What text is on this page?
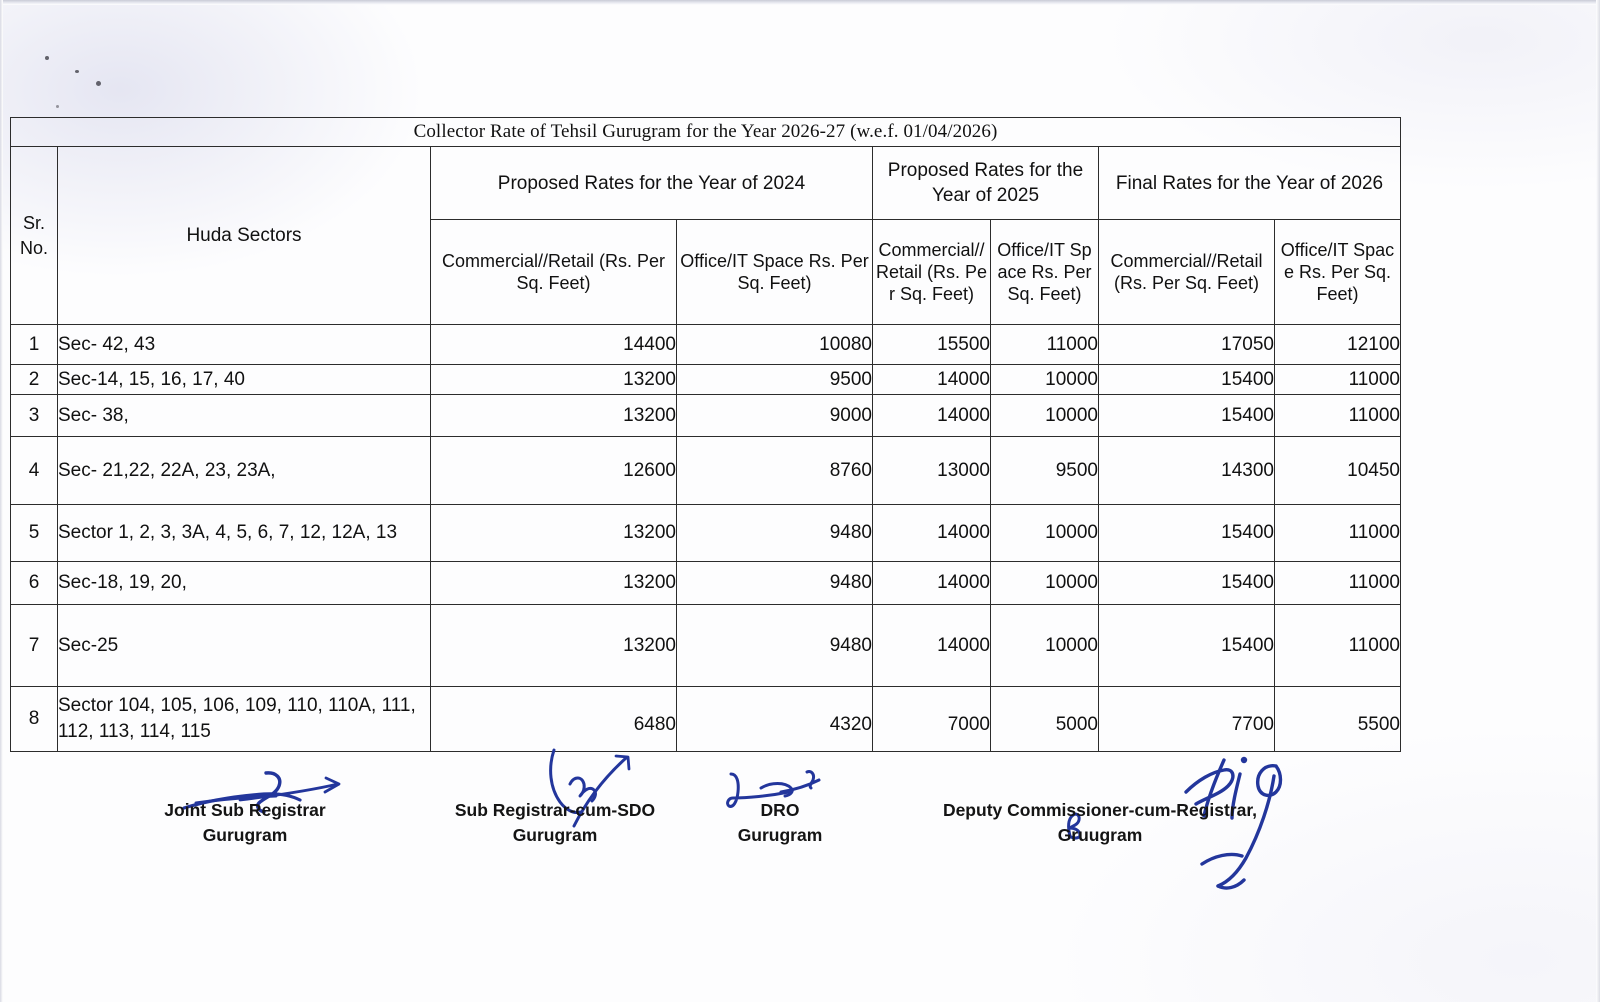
Collector Rate of Tehsil Gurugram for the Year 2026-27 (w.e.f. 01/04/2026)							
Sr. No.	Huda Sectors	Proposed Rates for the Year of 2024		Proposed Rates for the Year of 2025		Final Rates for the Year of 2026	
		Commercial//Retail (Rs. Per Sq. Feet)	Office/IT Space Rs. Per Sq. Feet)	Commercial//Retail (Rs. Per Sq. Feet)	Office/IT Space Rs. Per Sq. Feet)	Commercial//Retail (Rs. Per Sq. Feet)	Office/IT Space Rs. Per Sq. Feet)
1	Sec- 42, 43	14400	10080	15500	11000	17050	12100
2	Sec-14, 15, 16, 17, 40	13200	9500	14000	10000	15400	11000
3	Sec- 38,	13200	9000	14000	10000	15400	11000
4	Sec- 21,22, 22A, 23, 23A,	12600	8760	13000	9500	14300	10450
5	Sector 1, 2, 3, 3A, 4, 5, 6, 7, 12, 12A, 13	13200	9480	14000	10000	15400	11000
6	Sec-18, 19, 20,	13200	9480	14000	10000	15400	11000
7	Sec-25	13200	9480	14000	10000	15400	11000
8	Sector 104, 105, 106, 109, 110, 110A, 111, 112, 113, 114, 115	6480	4320	7000	5000	7700	5500
Joint Sub Registrar
Gurugram
Sub Registrar-cum-SDO
Gurugram
DRO
Gurugram
Deputy Commissioner-cum-Registrar,
Gruugram
